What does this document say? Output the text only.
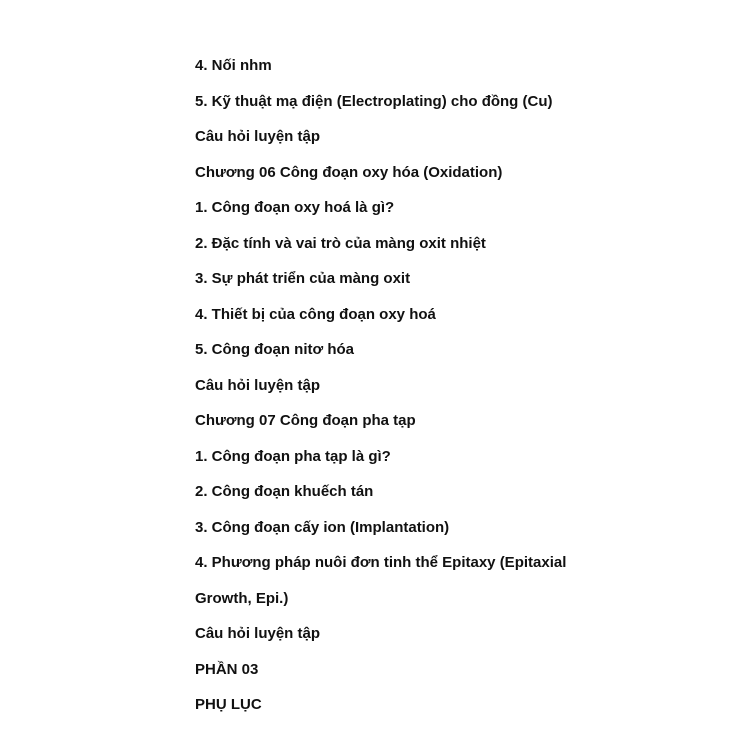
4. Nối nhm
5. Kỹ thuật mạ điện (Electroplating) cho đồng (Cu)
Câu hỏi luyện tập
Chương 06 Công đoạn oxy hóa (Oxidation)
1. Công đoạn oxy hoá là gì?
2. Đặc tính và vai trò của màng oxit nhiệt
3. Sự phát triển của màng oxit
4. Thiết bị của công đoạn oxy hoá
5. Công đoạn nitơ hóa
Câu hỏi luyện tập
Chương 07 Công đoạn pha tạp
1. Công đoạn pha tạp là gì?
2. Công đoạn khuếch tán
3. Công đoạn cấy ion (Implantation)
4. Phương pháp nuôi đơn tinh thể Epitaxy (Epitaxial
Growth, Epi.)
Câu hỏi luyện tập
PHẦN 03
PHỤ LỤC
